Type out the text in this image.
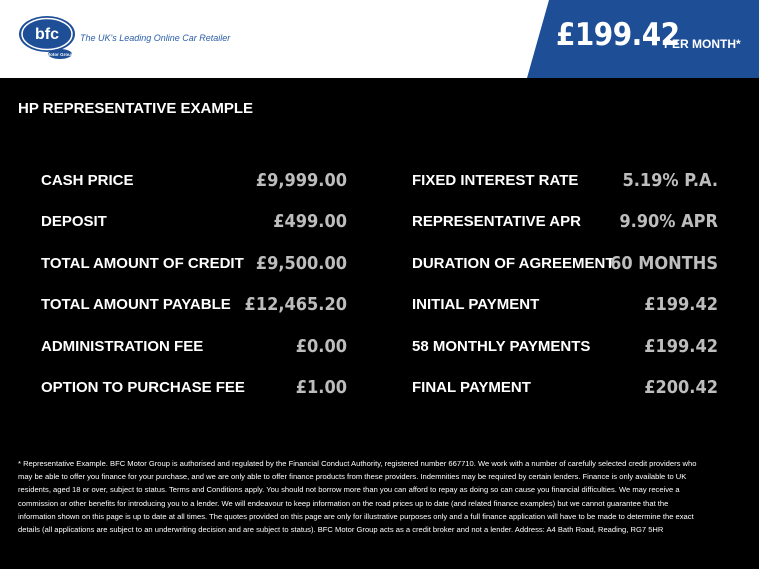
bfc
Motor Group
The UK's Leading Online Car Retailer	£199.42
PER MONTH*
HP REPRESENTATIVE EXAMPLE
CASH PRICE	£9,999.00
DEPOSIT	£499.00
TOTAL AMOUNT OF CREDIT £9,500.00
TOTAL AMOUNT PAYABLE £12,465.20
ADMINISTRATION FEE	£0.00
OPTION TO PURCHASE FEE	£1.00
FIXED INTEREST RATE 5.19% P.A.
REPRESENTATIVE APR 9.90% APR
DURATION OF AGREEMENT
60 MONTHS
INITIAL PAYMENT	£199.42
58 MONTHLY PAYMENTS	£199.42
FINAL PAYMENT	£200.42
* Representative Example. BFC Motor Group is authorised and regulated by the Financial Conduct Authority, registered number 667710. We work with a number of carefully selected credit providers who may be able to offer you finance for your purchase, and we are only able to offer finance products from these providers. Indemnities may be required by certain lenders. Finance is only available to UK residents, aged 18 or over, subject to status. Terms and Conditions apply. You should not borrow more than you can afford to repay as doing so can cause you financial difficulties. We may receive a commission or other benefits for introducing you to a lender. We will endeavour to keep information on the road prices up to date (and related finance examples) but we cannot guarantee that the information shown on this page is up to date at all times. The quotes provided on this page are only for illustrative purposes only and a full finance application will have to be made to determine the exact details (all applications are subject to an underwriting decision and are subject to status). BFC Motor Group acts as a credit broker and not a lender. Address: A4 Bath Road, Reading, RG7 5HR
